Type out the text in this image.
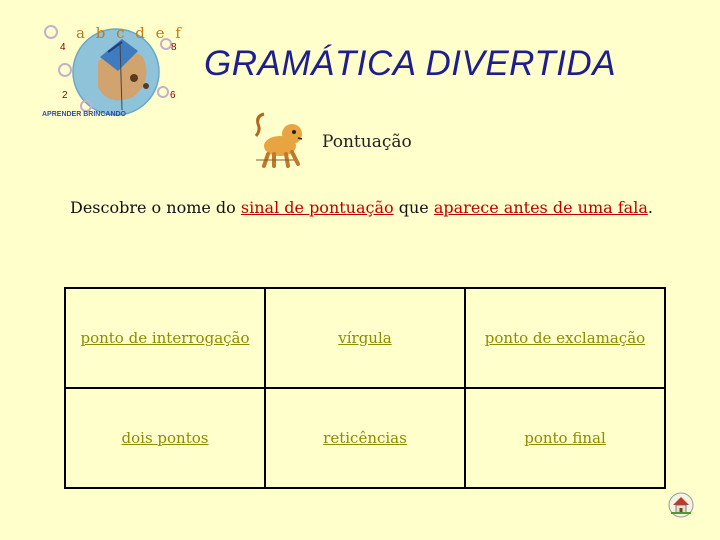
a b c d e f
4	8
2	6
APRENDER BRINCANDO
GRAMÁTICA DIVERTIDA
Pontuação
Descobre o nome do sinal de pontuação que aparece antes de uma fala.
ponto de interrogação	vírgula	ponto de exclamação
dois pontos	reticências	ponto final
